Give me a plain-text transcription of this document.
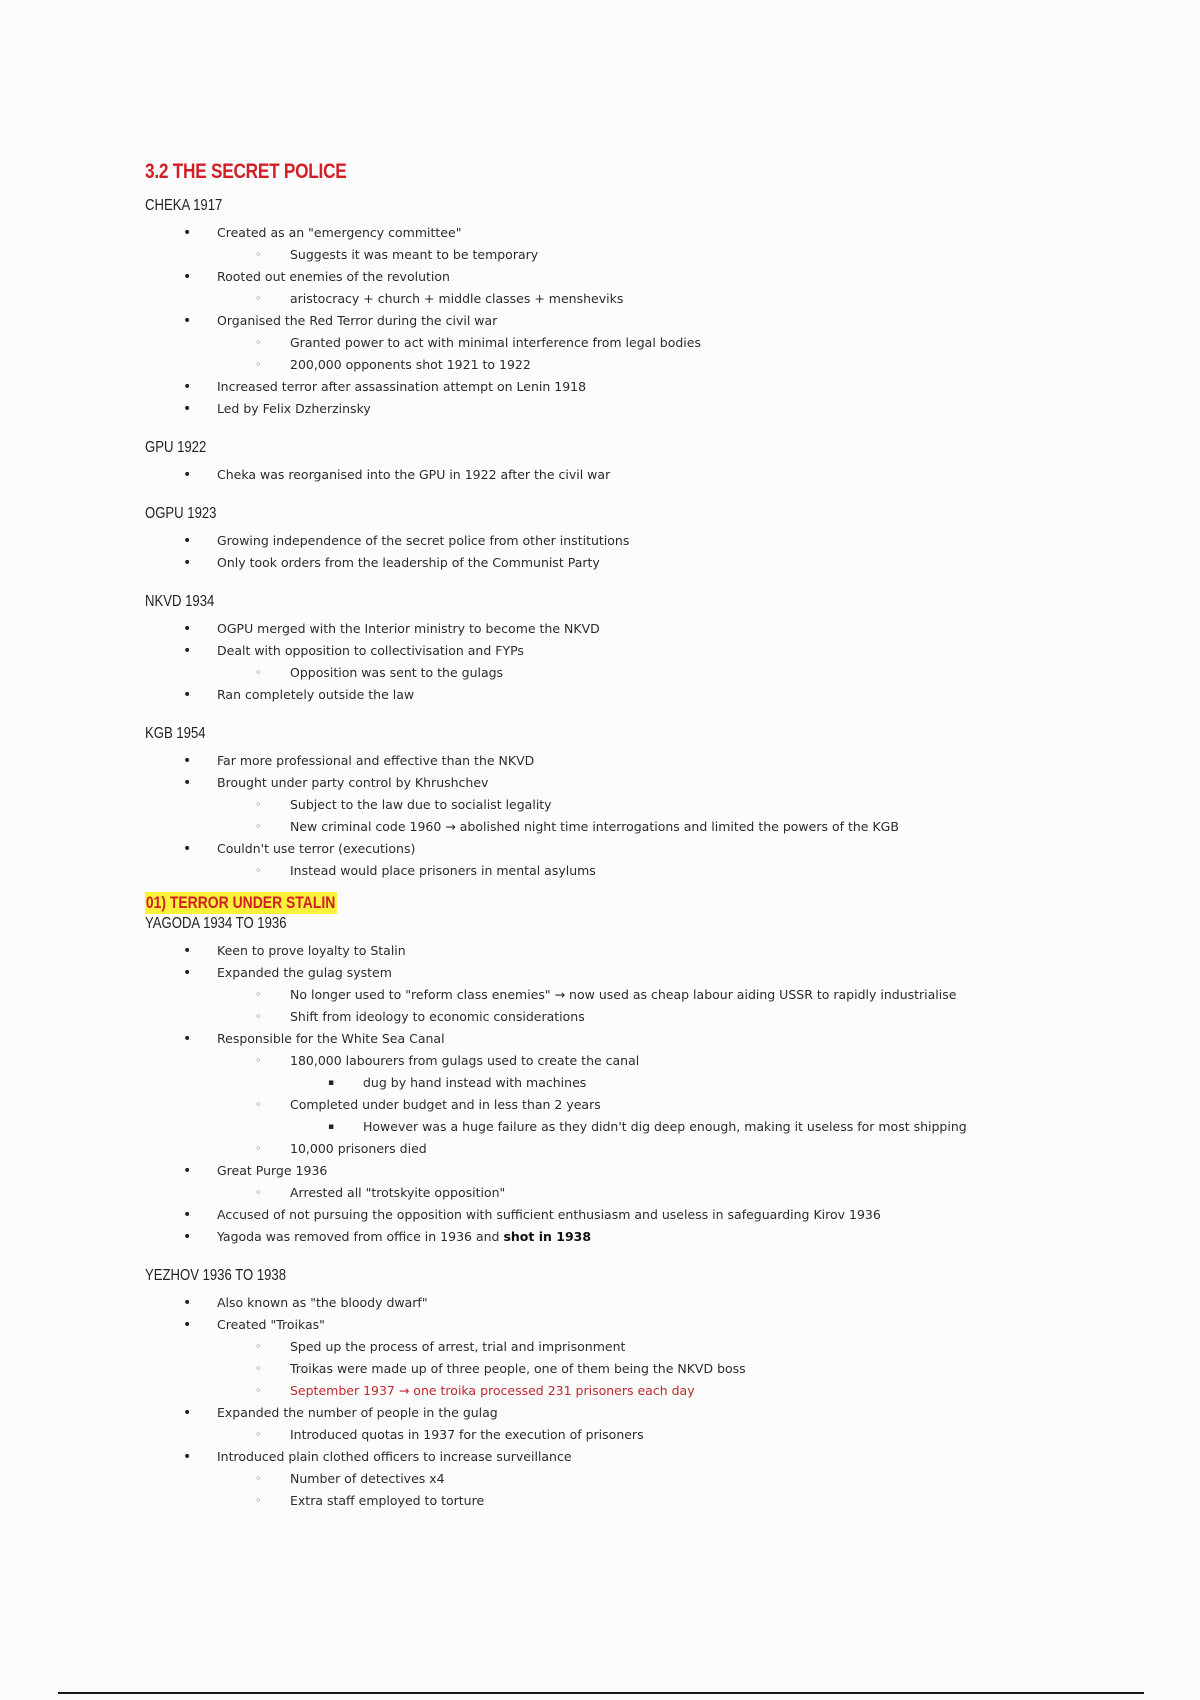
3.2 THE SECRET POLICE
CHEKA 1917
• Created as an "emergency committee"
◦ Suggests it was meant to be temporary
• Rooted out enemies of the revolution
◦ aristocracy + church + middle classes + mensheviks
• Organised the Red Terror during the civil war
◦ Granted power to act with minimal interference from legal bodies
◦ 200,000 opponents shot 1921 to 1922
• Increased terror after assassination attempt on Lenin 1918
• Led by Felix Dzherzinsky
GPU 1922
• Cheka was reorganised into the GPU in 1922 after the civil war
OGPU 1923
• Growing independence of the secret police from other institutions
• Only took orders from the leadership of the Communist Party
NKVD 1934
• OGPU merged with the Interior ministry to become the NKVD
• Dealt with opposition to collectivisation and FYPs
◦ Opposition was sent to the gulags
• Ran completely outside the law
KGB 1954
• Far more professional and effective than the NKVD
• Brought under party control by Khrushchev
◦ Subject to the law due to socialist legality
◦ New criminal code 1960 → abolished night time interrogations and limited the powers of the KGB
• Couldn't use terror (executions)
◦ Instead would place prisoners in mental asylums
01) TERROR UNDER STALIN
YAGODA 1934 TO 1936
• Keen to prove loyalty to Stalin
• Expanded the gulag system
◦ No longer used to "reform class enemies" → now used as cheap labour aiding USSR to rapidly industrialise
◦ Shift from ideology to economic considerations
• Responsible for the White Sea Canal
◦ 180,000 labourers from gulags used to create the canal
▪ dug by hand instead with machines
◦ Completed under budget and in less than 2 years
▪ However was a huge failure as they didn't dig deep enough, making it useless for most shipping
◦ 10,000 prisoners died
• Great Purge 1936
◦ Arrested all "trotskyite opposition"
• Accused of not pursuing the opposition with sufficient enthusiasm and useless in safeguarding Kirov 1936
• Yagoda was removed from office in 1936 and shot in 1938
YEZHOV 1936 TO 1938
• Also known as "the bloody dwarf"
• Created "Troikas"
◦ Sped up the process of arrest, trial and imprisonment
◦ Troikas were made up of three people, one of them being the NKVD boss
◦ September 1937 → one troika processed 231 prisoners each day
• Expanded the number of people in the gulag
◦ Introduced quotas in 1937 for the execution of prisoners
• Introduced plain clothed officers to increase surveillance
◦ Number of detectives x4
◦ Extra staff employed to torture
